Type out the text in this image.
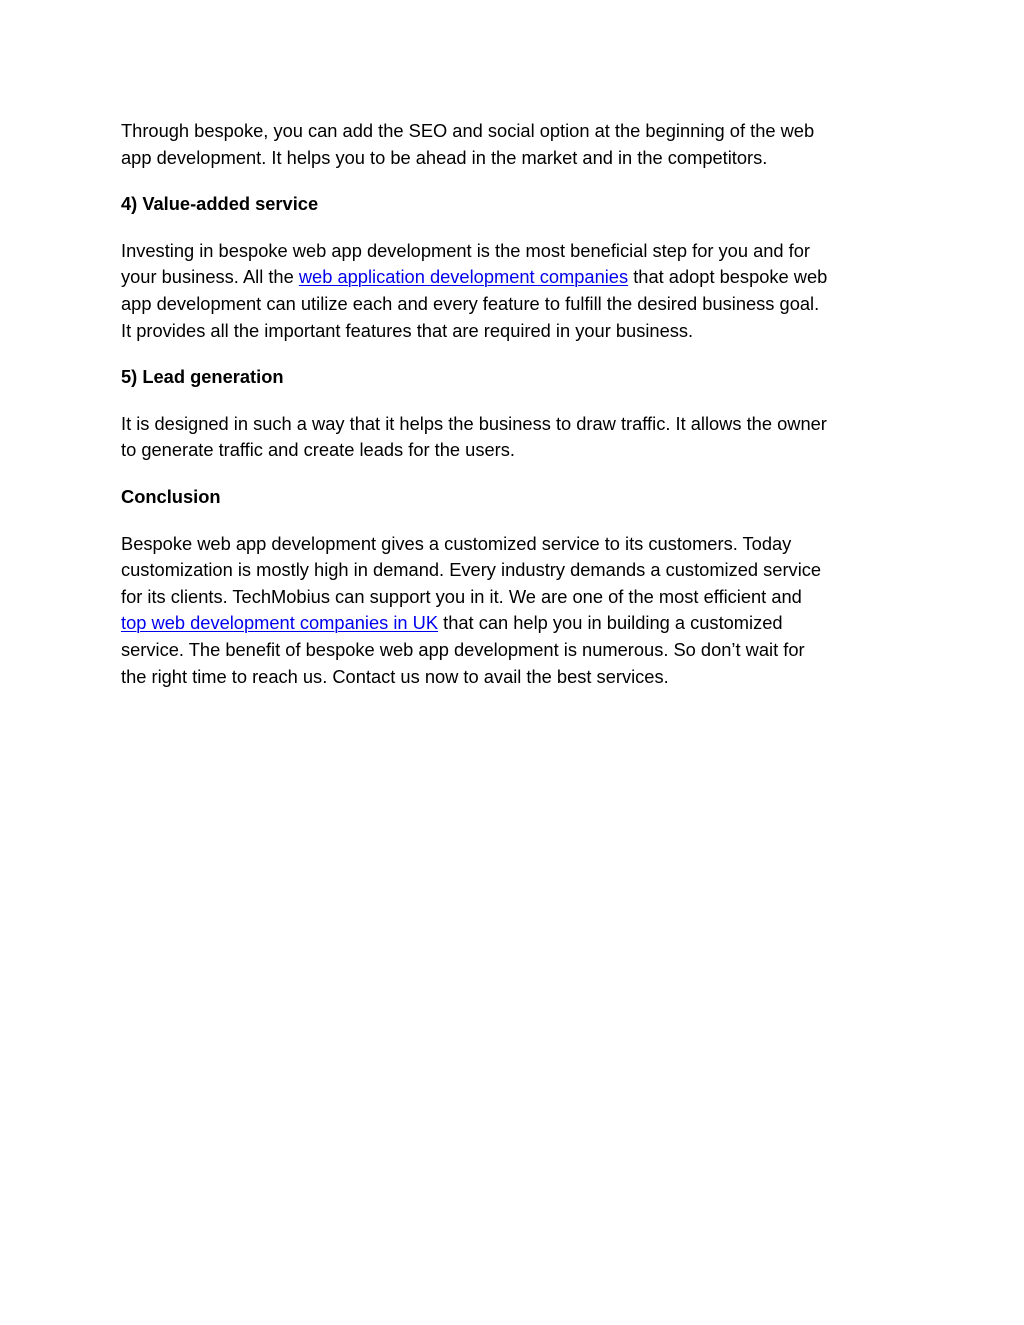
Through bespoke, you can add the SEO and social option at the beginning of the web
app development. It helps you to be ahead in the market and in the competitors.

4) Value-added service

Investing in bespoke web app development is the most beneficial step for you and for
your business. All the web application development companies that adopt bespoke web
app development can utilize each and every feature to fulfill the desired business goal.
It provides all the important features that are required in your business.

5) Lead generation

It is designed in such a way that it helps the business to draw traffic. It allows the owner
to generate traffic and create leads for the users.

Conclusion

Bespoke web app development gives a customized service to its customers. Today
customization is mostly high in demand. Every industry demands a customized service
for its clients. TechMobius can support you in it. We are one of the most efficient and
top web development companies in UK that can help you in building a customized
service. The benefit of bespoke web app development is numerous. So don’t wait for
the right time to reach us. Contact us now to avail the best services.
